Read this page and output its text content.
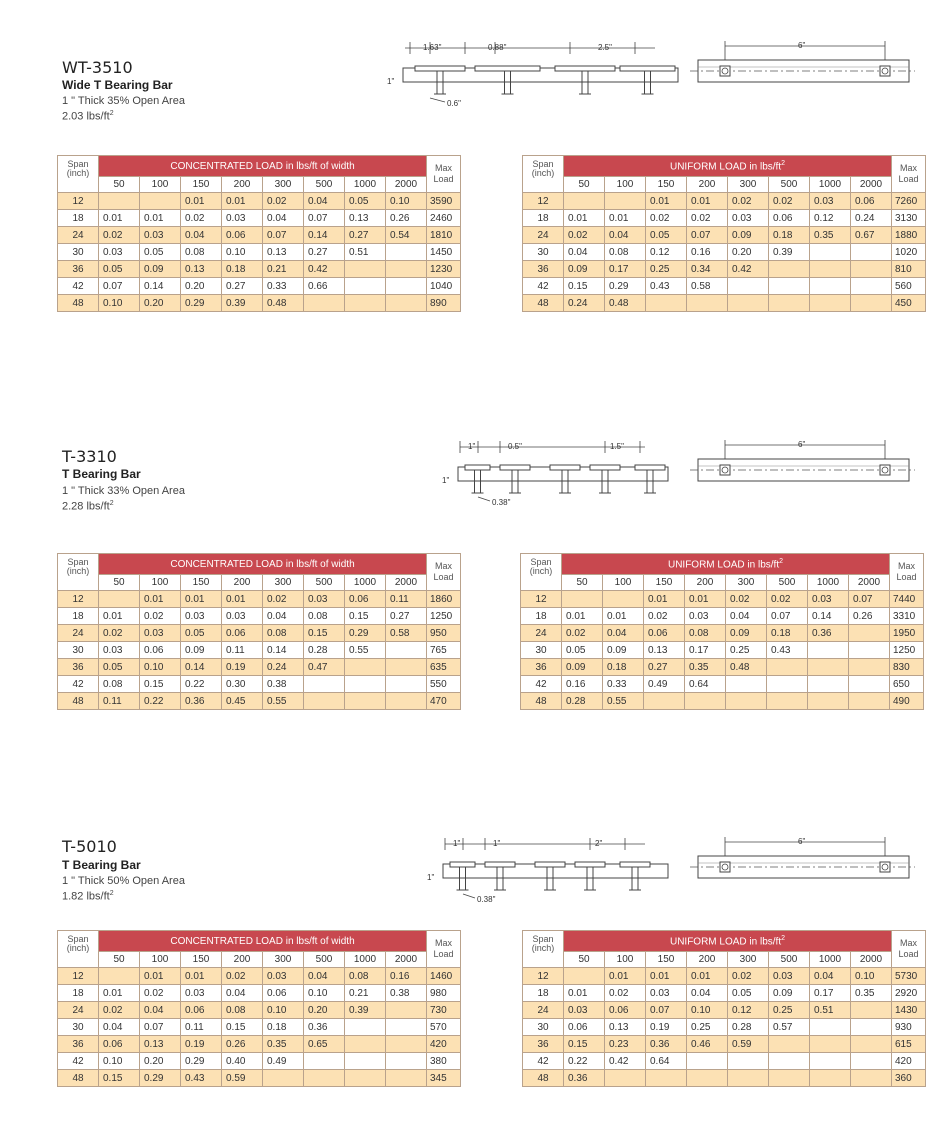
WT-3510
Wide T Bearing Bar
1 " Thick 35% Open Area
2.03 lbs/$ft^2$
1.63"	0.88"	2.5"
1"
0.6"
6"
Span
(inch)	CONCENTRATED LOAD in lbs/ft of width								Max
Load
	50	100	150	200	300	500	1000	2000	
12			0.01	0.01	0.02	0.04	0.05	0.10	3590
18	0.01	0.01	0.02	0.03	0.04	0.07	0.13	0.26	2460
24	0.02	0.03	0.04	0.06	0.07	0.14	0.27	0.54	1810
30	0.03	0.05	0.08	0.10	0.13	0.27	0.51		1450
36	0.05	0.09	0.13	0.18	0.21	0.42			1230
42	0.07	0.14	0.20	0.27	0.33	0.66			1040
48	0.10	0.20	0.29	0.39	0.48				890
Span
(inch)	UNIFORM LOAD in lbs/$ft^2$								Max
Load
	50	100	150	200	300	500	1000	2000	
12			0.01	0.01	0.02	0.02	0.03	0.06	7260
18	0.01	0.01	0.02	0.02	0.03	0.06	0.12	0.24	3130
24	0.02	0.04	0.05	0.07	0.09	0.18	0.35	0.67	1880
30	0.04	0.08	0.12	0.16	0.20	0.39			1020
36	0.09	0.17	0.25	0.34	0.42				810
42	0.15	0.29	0.43	0.58					560
48	0.24	0.48							450
T-3310
T Bearing Bar
1 " Thick 33% Open Area
2.28 lbs/$ft^2$
1"	0.5"	1.5"
1"
0.38"
6"
Span
(inch)	CONCENTRATED LOAD in lbs/ft of width								Max
Load
	50	100	150	200	300	500	1000	2000	
12		0.01	0.01	0.01	0.02	0.03	0.06	0.11	1860
18	0.01	0.02	0.03	0.03	0.04	0.08	0.15	0.27	1250
24	0.02	0.03	0.05	0.06	0.08	0.15	0.29	0.58	950
30	0.03	0.06	0.09	0.11	0.14	0.28	0.55		765
36	0.05	0.10	0.14	0.19	0.24	0.47			635
42	0.08	0.15	0.22	0.30	0.38				550
48	0.11	0.22	0.36	0.45	0.55				470
Span
(inch)	UNIFORM LOAD in lbs/$ft^2$								Max
Load
	50	100	150	200	300	500	1000	2000	
12			0.01	0.01	0.02	0.02	0.03	0.07	7440
18	0.01	0.01	0.02	0.03	0.04	0.07	0.14	0.26	3310
24	0.02	0.04	0.06	0.08	0.09	0.18	0.36		1950
30	0.05	0.09	0.13	0.17	0.25	0.43			1250
36	0.09	0.18	0.27	0.35	0.48				830
42	0.16	0.33	0.49	0.64					650
48	0.28	0.55							490
T-5010
T Bearing Bar
1 " Thick 50% Open Area
1.82 lbs/$ft^2$
1"	1"	2"
1"
0.38"
6"
Span
(inch)	CONCENTRATED LOAD in lbs/ft of width								Max
Load
	50	100	150	200	300	500	1000	2000	
12		0.01	0.01	0.02	0.03	0.04	0.08	0.16	1460
18	0.01	0.02	0.03	0.04	0.06	0.10	0.21	0.38	980
24	0.02	0.04	0.06	0.08	0.10	0.20	0.39		730
30	0.04	0.07	0.11	0.15	0.18	0.36			570
36	0.06	0.13	0.19	0.26	0.35	0.65			420
42	0.10	0.20	0.29	0.40	0.49				380
48	0.15	0.29	0.43	0.59					345
Span
(inch)	UNIFORM LOAD in lbs/$ft^2$								Max
Load
	50	100	150	200	300	500	1000	2000	
12		0.01	0.01	0.01	0.02	0.03	0.04	0.10	5730
18	0.01	0.02	0.03	0.04	0.05	0.09	0.17	0.35	2920
24	0.03	0.06	0.07	0.10	0.12	0.25	0.51		1430
30	0.06	0.13	0.19	0.25	0.28	0.57			930
36	0.15	0.23	0.36	0.46	0.59				615
42	0.22	0.42	0.64						420
48	0.36								360
